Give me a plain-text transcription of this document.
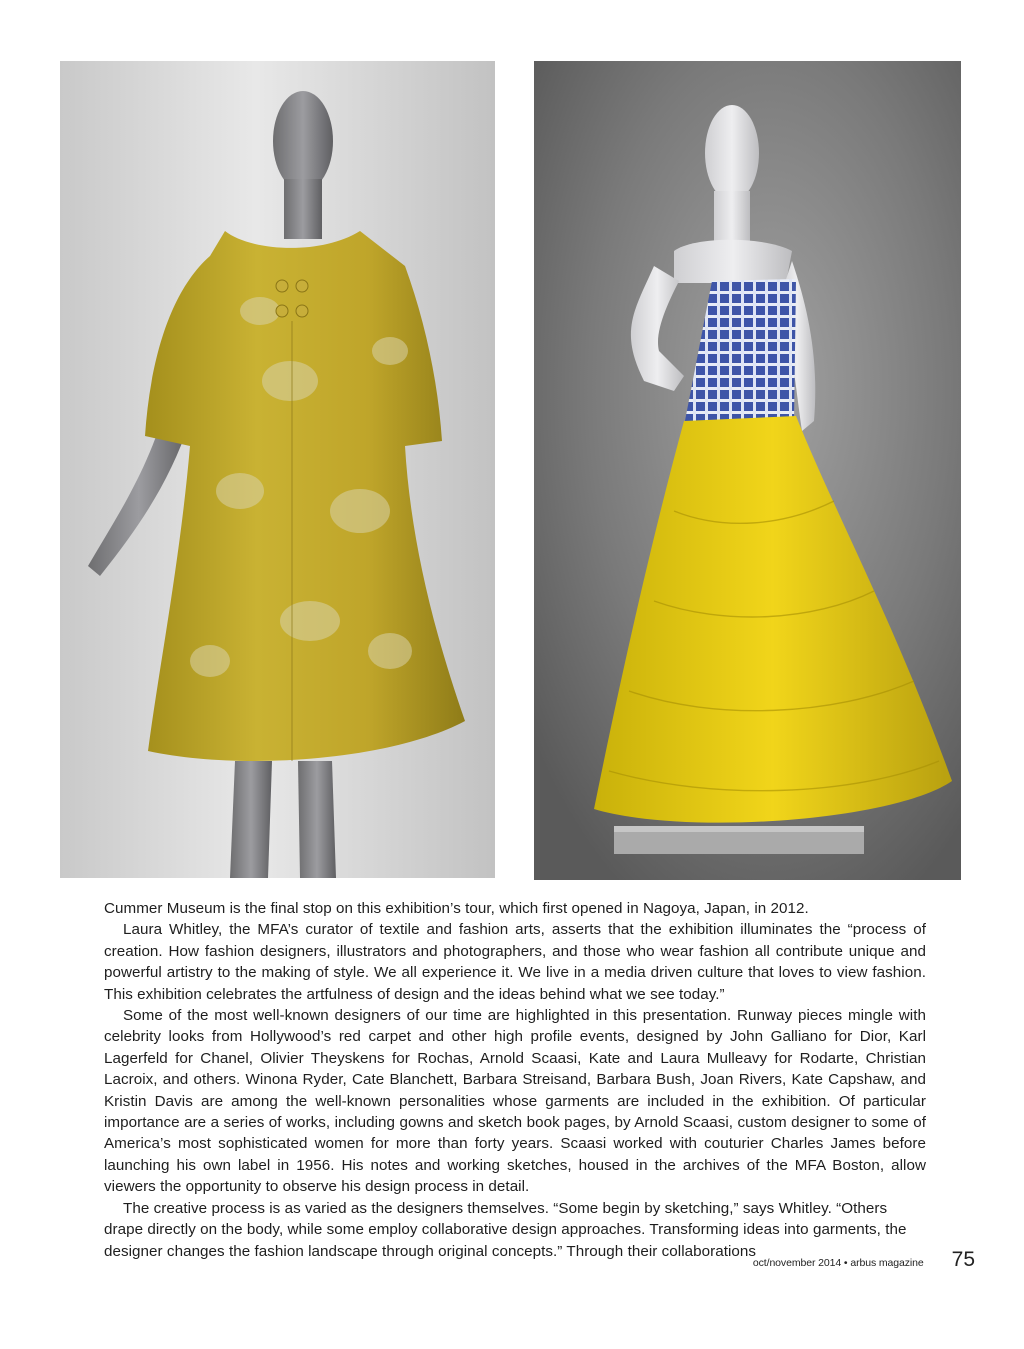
Cummer Museum is the final stop on this exhibition’s tour, which first opened in Nagoya, Japan, in 2012.

Laura Whitley, the MFA’s curator of textile and fashion arts, asserts that the exhibition illuminates the “process of creation. How fashion designers, illustrators and photographers, and those who wear fashion all contribute unique and powerful artistry to the making of style. We all experience it. We live in a media driven culture that loves to view fashion. This exhibition celebrates the artfulness of design and the ideas behind what we see today.”

Some of the most well-known designers of our time are highlighted in this presentation. Runway pieces mingle with celebrity looks from Hollywood’s red carpet and other high profile events, designed by John Galliano for Dior, Karl Lagerfeld for Chanel, Olivier Theyskens for Rochas, Arnold Scaasi, Kate and Laura Mulleavy for Rodarte, Christian Lacroix, and others. Winona Ryder, Cate Blanchett, Barbara Streisand, Barbara Bush, Joan Rivers, Kate Capshaw, and Kristin Davis are among the well-known personalities whose garments are included in the exhibition. Of particular importance are a series of works, including gowns and sketch book pages, by Arnold Scaasi, custom designer to some of America’s most sophisticated women for more than forty years. Scaasi worked with couturier Charles James before launching his own label in 1956. His notes and working sketches, housed in the archives of the MFA Boston, allow viewers the opportunity to observe his design process in detail.

The creative process is as varied as the designers themselves. “Some begin by sketching,” says Whitley. “Others drape directly on the body, while some employ collaborative design approaches. Transforming ideas into garments, the designer changes the fashion landscape through original concepts.” Through their collaborations

oct/november 2014 • arbus magazine 75
